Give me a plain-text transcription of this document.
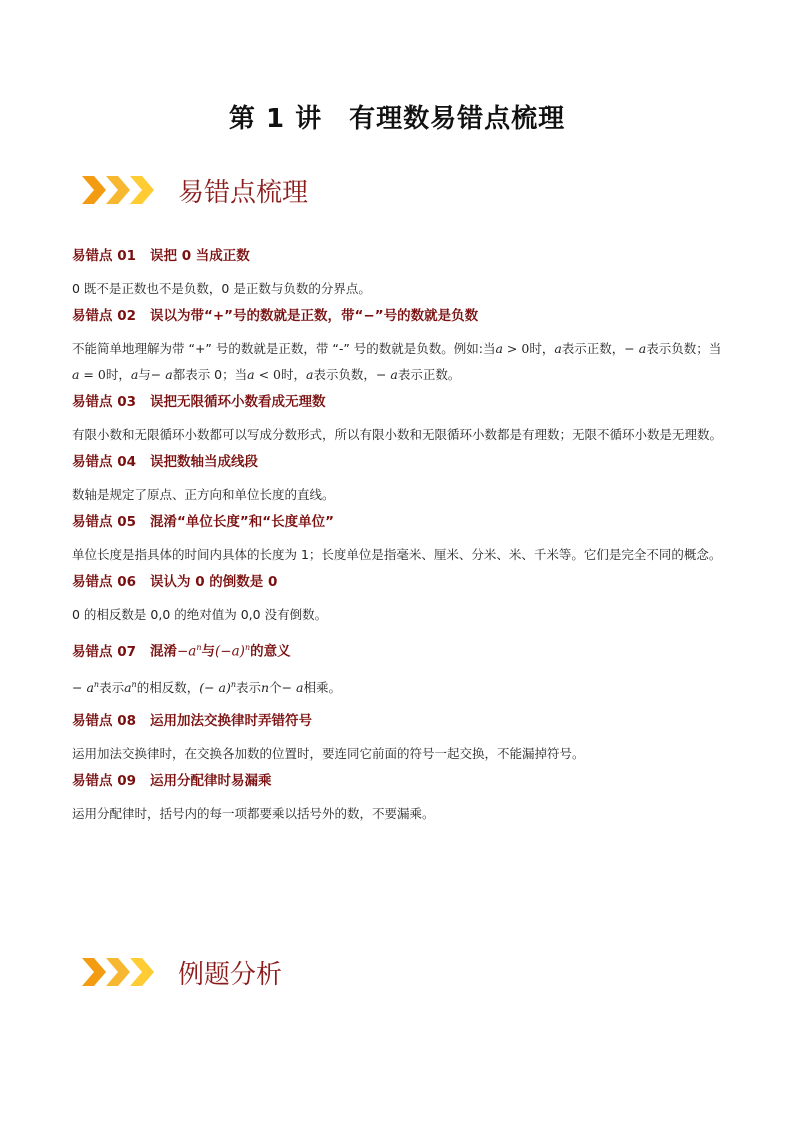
第 1 讲　有理数易错点梳理
易错点梳理
易错点 01 误把 0 当成正数
0 既不是正数也不是负数，0 是正数与负数的分界点。
易错点 02 误以为带“+”号的数就是正数，带“−”号的数就是负数
不能简单地理解为带 “+” 号的数就是正数，带 “-” 号的数就是负数。例如:当a > 0时，a表示正数，− a表示负数；当a = 0时，a与− a都表示 0；当a < 0时，a表示负数，− a表示正数。
易错点 03 误把无限循环小数看成无理数
有限小数和无限循环小数都可以写成分数形式，所以有限小数和无限循环小数都是有理数；无限不循环小数是无理数。
易错点 04 误把数轴当成线段
数轴是规定了原点、正方向和单位长度的直线。
易错点 05 混淆“单位长度”和“长度单位”
单位长度是指具体的时间内具体的长度为 1；长度单位是指毫米、厘米、分米、米、千米等。它们是完全不同的概念。
易错点 06 误认为 0 的倒数是 0
0 的相反数是 0,0 的绝对值为 0,0 没有倒数。
易错点 07 混淆$-a^n$与$(-a)^n$的意义
− $a^n$表示$a^n$的相反数，(− a)$^n$表示n个− a相乘。
易错点 08 运用加法交换律时弄错符号
运用加法交换律时，在交换各加数的位置时，要连同它前面的符号一起交换，不能漏掉符号。
易错点 09 运用分配律时易漏乘
运用分配律时，括号内的每一项都要乘以括号外的数，不要漏乘。
例题分析
